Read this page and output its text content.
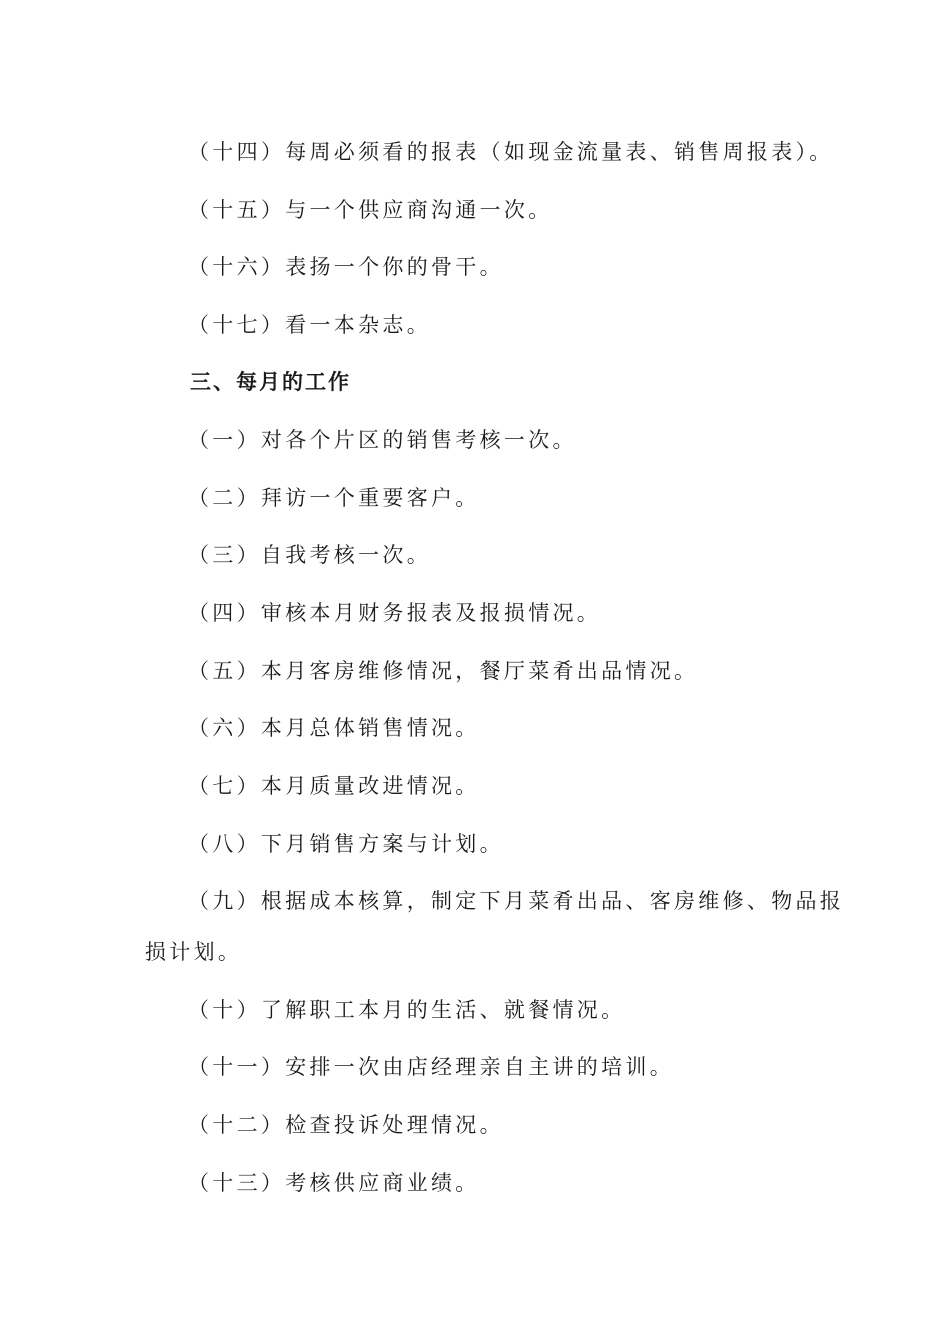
（十四）每周必须看的报表（如现金流量表、销售周报表）。
（十五）与一个供应商沟通一次。
（十六）表扬一个你的骨干。
（十七）看一本杂志。
三、每月的工作
（一）对各个片区的销售考核一次。
（二）拜访一个重要客户。
（三）自我考核一次。
（四）审核本月财务报表及报损情况。
（五）本月客房维修情况，餐厅菜肴出品情况。
（六）本月总体销售情况。
（七）本月质量改进情况。
（八）下月销售方案与计划。
（九）根据成本核算，制定下月菜肴出品、客房维修、物品报
损计划。
（十）了解职工本月的生活、就餐情况。
（十一）安排一次由店经理亲自主讲的培训。
（十二）检查投诉处理情况。
（十三）考核供应商业绩。
